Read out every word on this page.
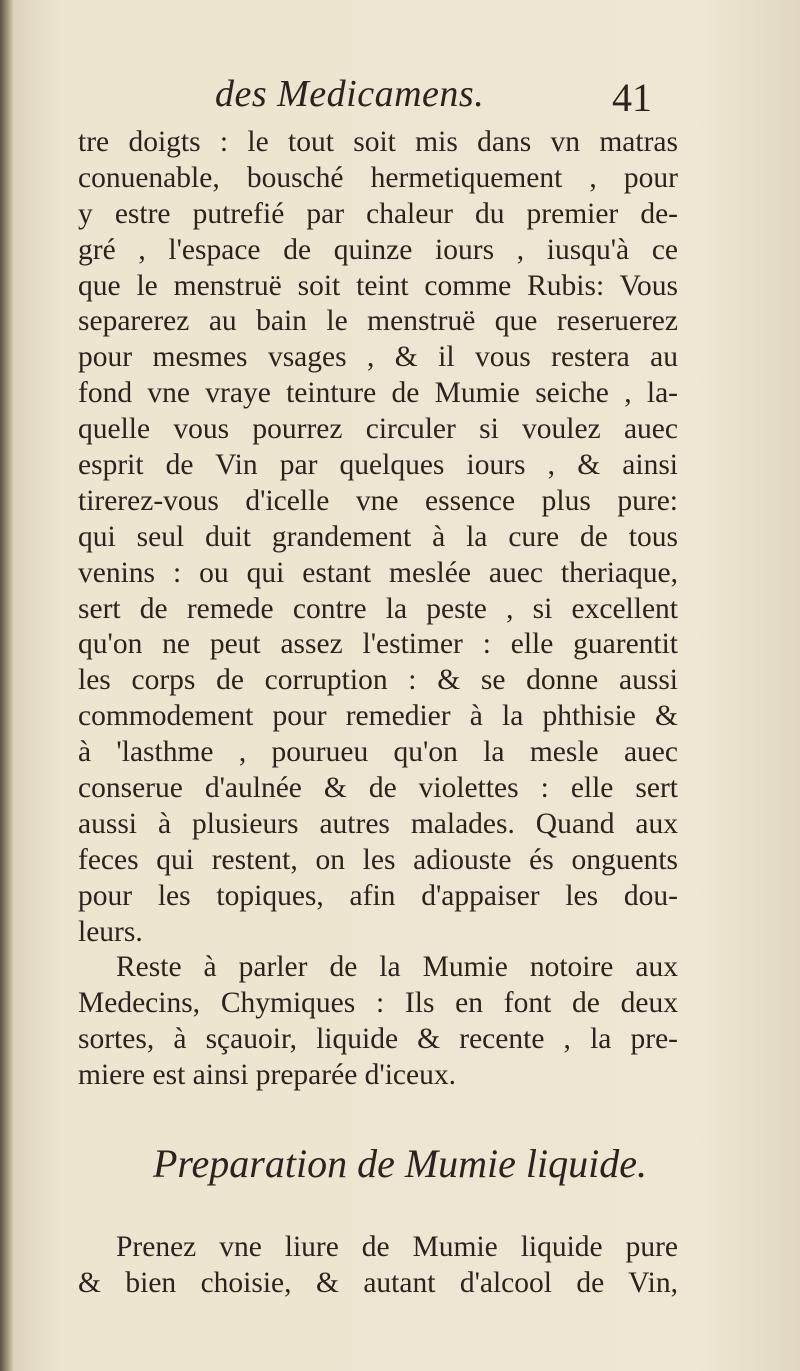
des Medicamens.	41
tre doigts : le tout soit mis dans vn matras
conuenable, bousché hermetiquement , pour
y estre putrefié par chaleur du premier de-
gré , l'espace de quinze iours , iusqu'à ce
que le menstruë soit teint comme Rubis: Vous
separerez au bain le menstruë que reseruerez
pour mesmes vsages , & il vous restera au
fond vne vraye teinture de Mumie seiche , la-
quelle vous pourrez circuler si voulez auec
esprit de Vin par quelques iours , & ainsi
tirerez-vous d'icelle vne essence plus pure:
qui seul duit grandement à la cure de tous
venins : ou qui estant meslée auec theriaque,
sert de remede contre la peste , si excellent
qu'on ne peut assez l'estimer : elle guarentit
les corps de corruption : & se donne aussi
commodement pour remedier à la phthisie &
à 'lasthme , pourueu qu'on la mesle auec
conserue d'aulnée & de violettes : elle sert
aussi à plusieurs autres malades. Quand aux
feces qui restent, on les adiouste és onguents
pour les topiques, afin d'appaiser les dou-
leurs.
Reste à parler de la Mumie notoire aux
Medecins, Chymiques : Ils en font de deux
sortes, à sçauoir, liquide & recente , la pre-
miere est ainsi preparée d'iceux.
Preparation de Mumie liquide.
Prenez vne liure de Mumie liquide pure
& bien choisie, & autant d'alcool de Vin,
